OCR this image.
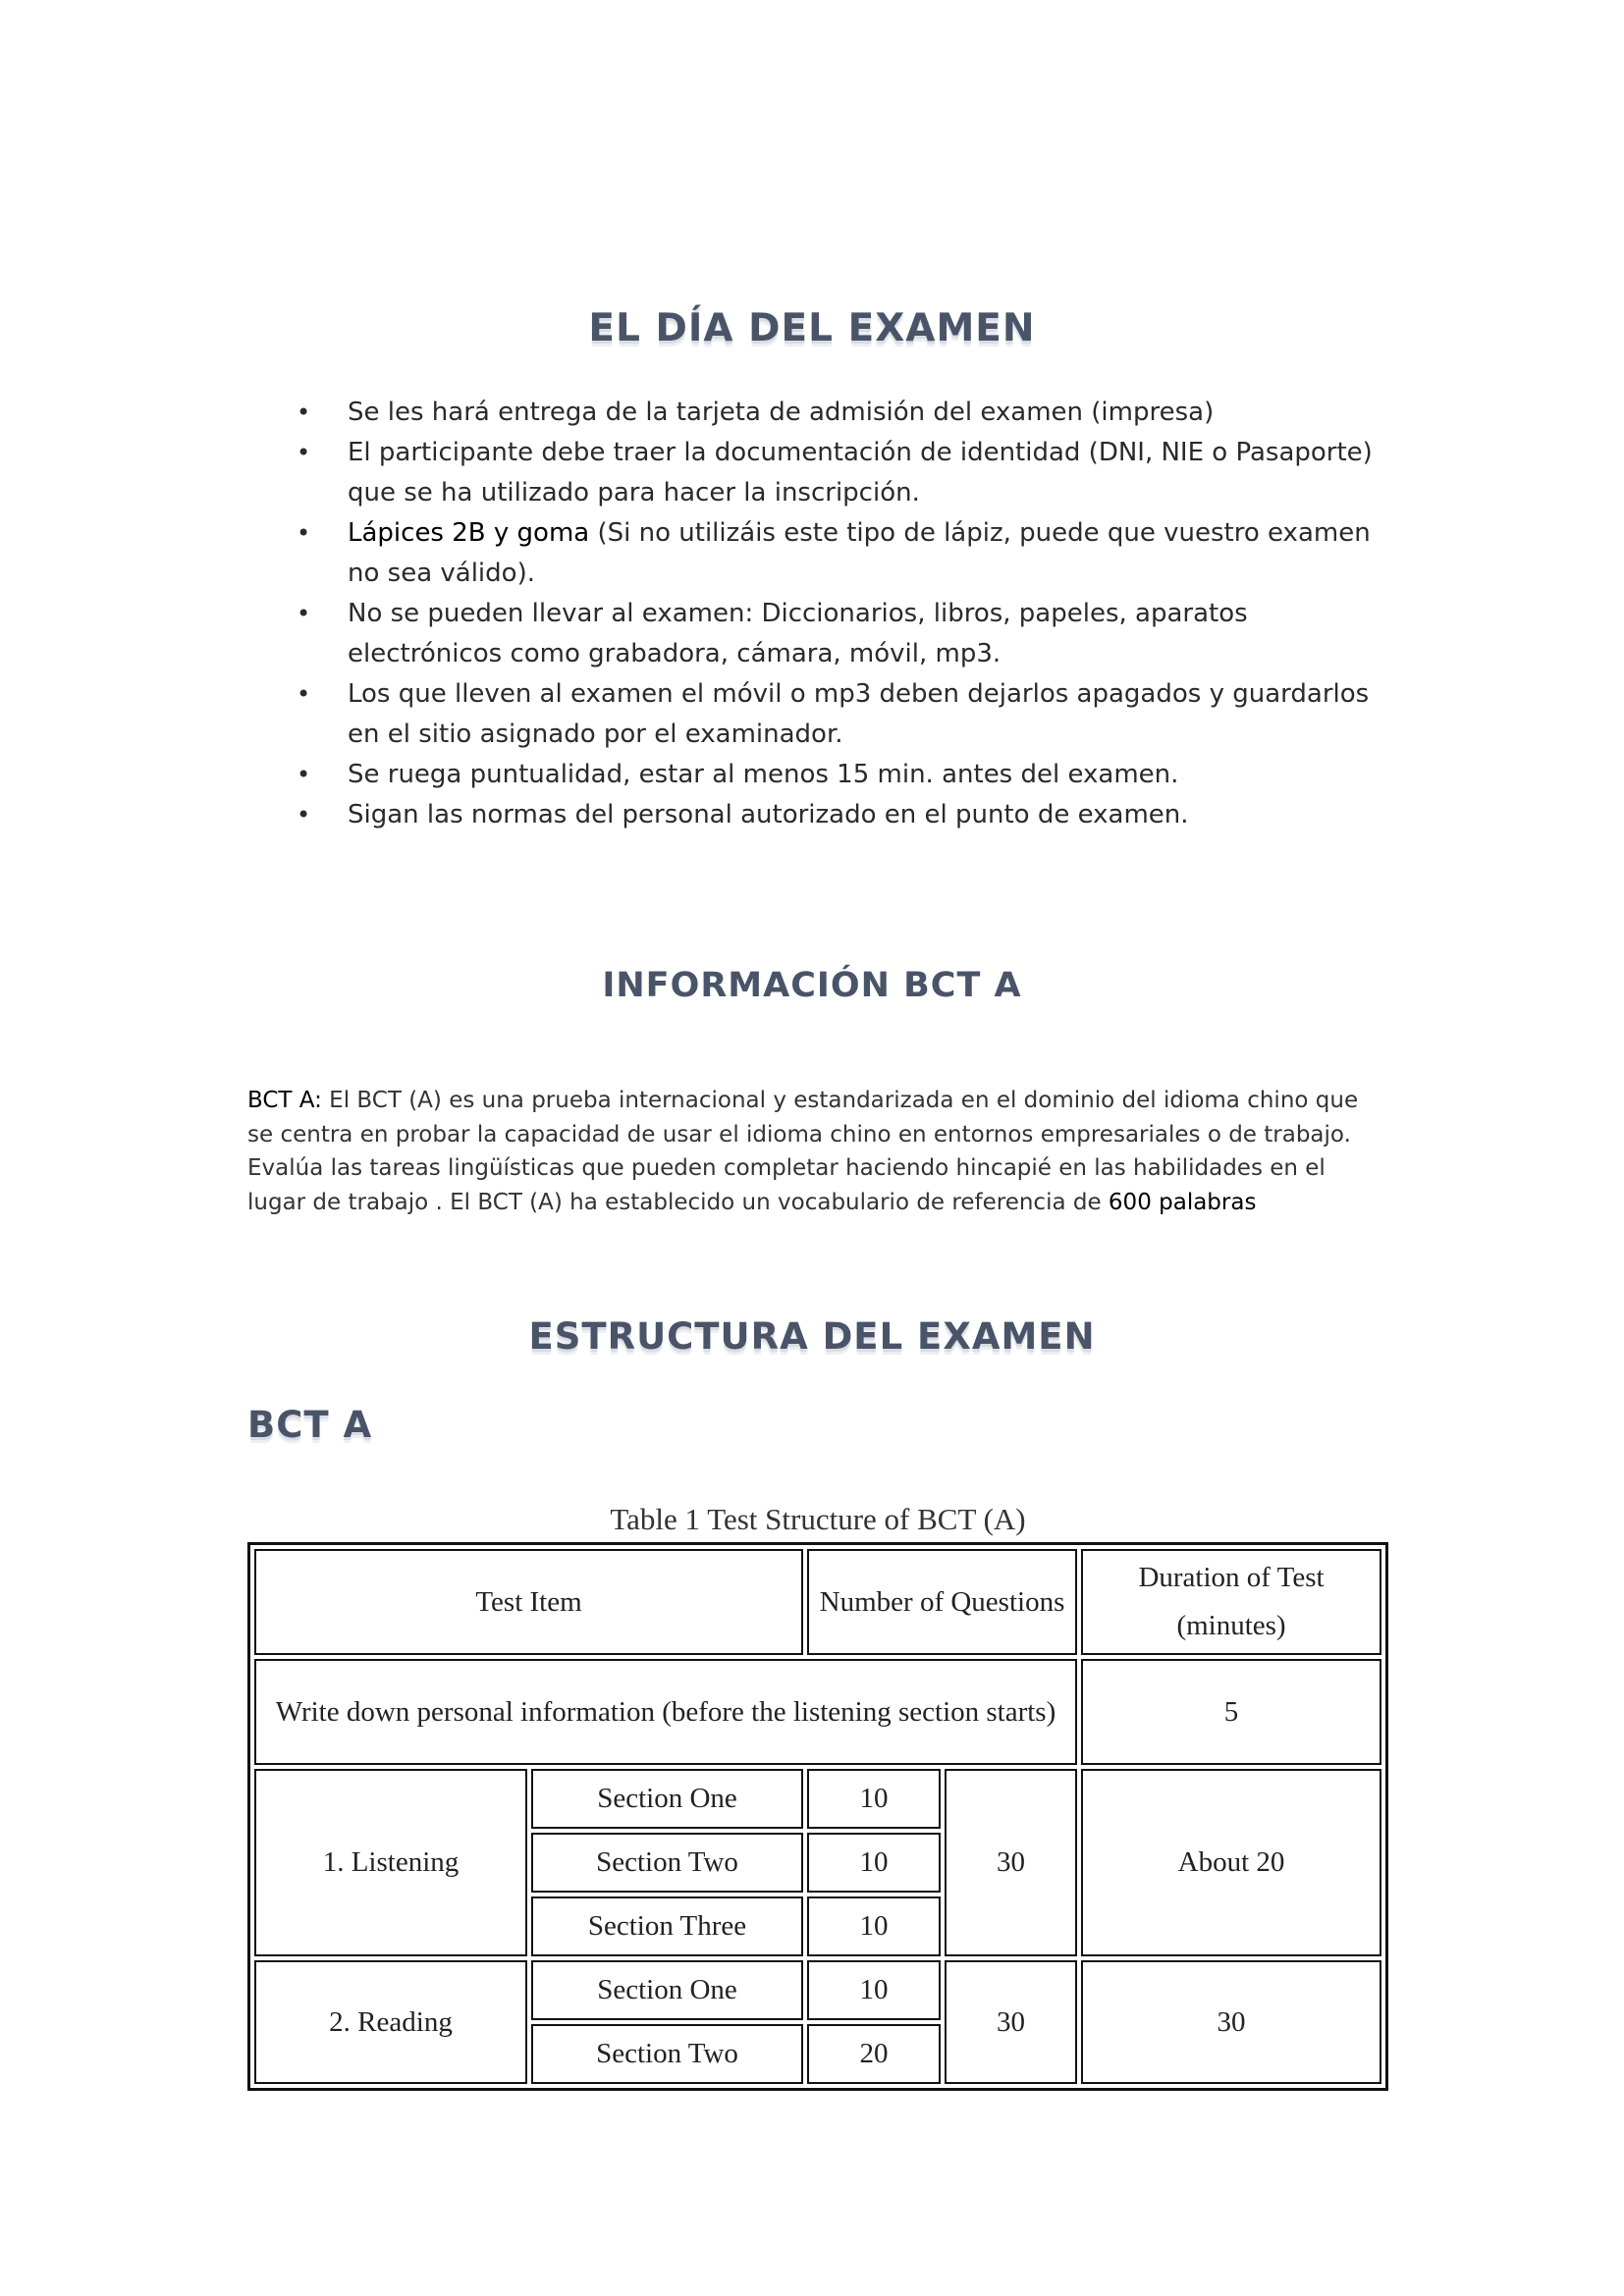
EL DÍA DEL EXAMEN
• Se les hará entrega de la tarjeta de admisión del examen (impresa)
• El participante debe traer la documentación de identidad (DNI, NIE o Pasaporte) que se ha utilizado para hacer la inscripción.
• Lápices 2B y goma (Si no utilizáis este tipo de lápiz, puede que vuestro examen no sea válido).
• No se pueden llevar al examen: Diccionarios, libros, papeles, aparatos electrónicos como grabadora, cámara, móvil, mp3.
• Los que lleven al examen el móvil o mp3 deben dejarlos apagados y guardarlos en el sitio asignado por el examinador.
• Se ruega puntualidad, estar al menos 15 min. antes del examen.
• Sigan las normas del personal autorizado en el punto de examen.
INFORMACIÓN BCT A

BCT A: El BCT (A) es una prueba internacional y estandarizada en el dominio del idioma chino que se centra en probar la capacidad de usar el idioma chino en entornos empresariales o de trabajo. Evalúa las tareas lingüísticas que pueden completar haciendo hincapié en las habilidades en el lugar de trabajo . El BCT (A) ha establecido un vocabulario de referencia de 600 palabras

ESTRUCTURA DEL EXAMEN
BCT A

Table 1 Test Structure of BCT (A)

Test Item		Number of Questions		Duration of Test (minutes)
Write down personal information (before the listening section starts)				5
1. Listening	Section One	10	30	About 20
	Section Two	10		
	Section Three	10		
2. Reading	Section One	10	30	30
	Section Two	20		
